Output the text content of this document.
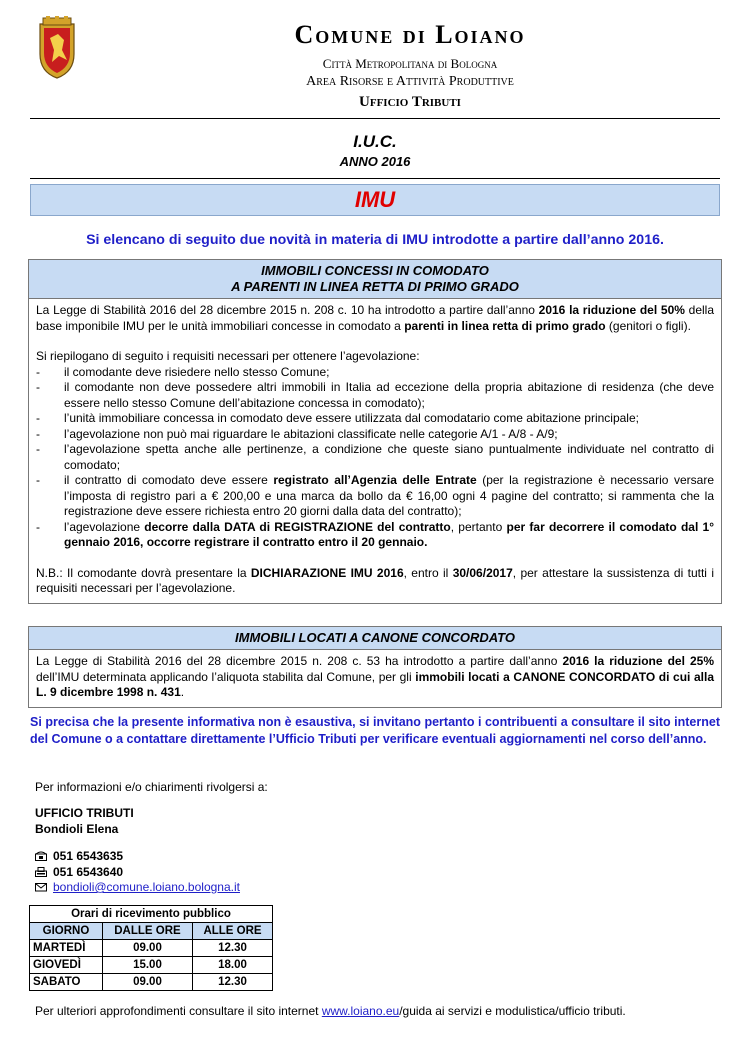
Comune di Loiano
Città Metropolitana di Bologna
Area Risorse e Attività Produttive
Ufficio Tributi
I.U.C.
ANNO 2016
IMU
Si elencano di seguito due novità in materia di IMU introdotte a partire dall’anno 2016.
IMMOBILI CONCESSI IN COMODATO
A PARENTI IN LINEA RETTA DI PRIMO GRADO

La Legge di Stabilità 2016 del 28 dicembre 2015 n. 208 c. 10 ha introdotto a partire dall’anno 2016 la riduzione del 50% della base imponibile IMU per le unità immobiliari concesse in comodato a parenti in linea retta di primo grado (genitori o figli).

Si riepilogano di seguito i requisiti necessari per ottenere l’agevolazione:

- il comodante deve risiedere nello stesso Comune;
- il comodante non deve possedere altri immobili in Italia ad eccezione della propria abitazione di residenza (che deve essere nello stesso Comune dell’abitazione concessa in comodato);
- l’unità immobiliare concessa in comodato deve essere utilizzata dal comodatario come abitazione principale;
- l’agevolazione non può mai riguardare le abitazioni classificate nelle categorie A/1 - A/8 - A/9;
- l’agevolazione spetta anche alle pertinenze, a condizione che queste siano puntualmente individuate nel contratto di comodato;
- il contratto di comodato deve essere registrato all’Agenzia delle Entrate (per la registrazione è necessario versare l’imposta di registro pari a € 200,00 e una marca da bollo da € 16,00 ogni 4 pagine del contratto; si rammenta che la registrazione deve essere richiesta entro 20 giorni dalla data del contratto);
- l’agevolazione decorre dalla DATA di REGISTRAZIONE del contratto, pertanto per far decorrere il comodato dal 1° gennaio 2016, occorre registrare il contratto entro il 20 gennaio.

N.B.: Il comodante dovrà presentare la DICHIARAZIONE IMU 2016, entro il 30/06/2017, per attestare la sussistenza di tutti i requisiti necessari per l’agevolazione.

IMMOBILI LOCATI A CANONE CONCORDATO

La Legge di Stabilità 2016 del 28 dicembre 2015 n. 208 c. 53 ha introdotto a partire dall’anno 2016 la riduzione del 25% dell’IMU determinata applicando l’aliquota stabilita dal Comune, per gli immobili locati a CANONE CONCORDATO di cui alla L. 9 dicembre 1998 n. 431.

Si precisa che la presente informativa non è esaustiva, si invitano pertanto i contribuenti a consultare il sito internet del Comune o a contattare direttamente l’Ufficio Tributi per verificare eventuali aggiornamenti nel corso dell’anno.
Per informazioni e/o chiarimenti rivolgersi a:
UFFICIO TRIBUTI
Bondioli Elena
051 6543635
051 6543640
bondioli@comune.loiano.bologna.it
Orari di ricevimento pubblico		
GIORNO	DALLE ORE	ALLE ORE
MARTEDÌ	09.00	12.30
GIOVEDÌ	15.00	18.00
SABATO	09.00	12.30
Per ulteriori approfondimenti consultare il sito internet www.loiano.eu/guida ai servizi e modulistica/ufficio tributi.
